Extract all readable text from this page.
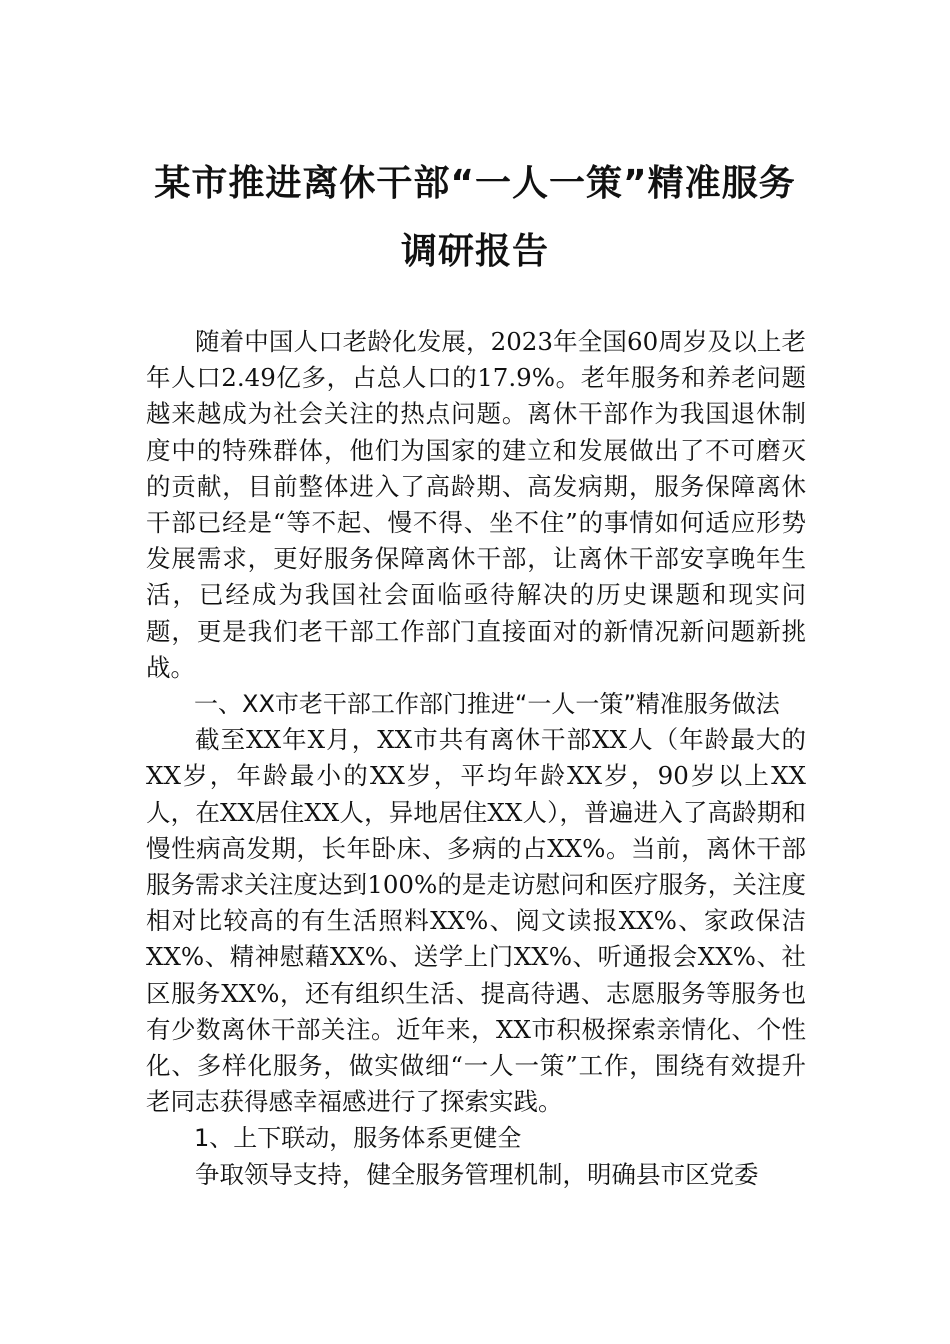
某市推进离休干部“一人一策”精准服务
调研报告

随着中国人口老龄化发展，2023年全国60周岁及以上老年人口2.49亿多，占总人口的17.9%。老年服务和养老问题越来越成为社会关注的热点问题。离休干部作为我国退休制度中的特殊群体，他们为国家的建立和发展做出了不可磨灭的贡献，目前整体进入了高龄期、高发病期，服务保障离休干部已经是“等不起、慢不得、坐不住”的事情如何适应形势发展需求，更好服务保障离休干部，让离休干部安享晚年生活，已经成为我国社会面临亟待解决的历史课题和现实问题，更是我们老干部工作部门直接面对的新情况新问题新挑战。

一、XX市老干部工作部门推进“一人一策”精准服务做法

截至XX年X月，XX市共有离休干部XX人（年龄最大的XX岁，年龄最小的XX岁，平均年龄XX岁，90岁以上XX人，在XX居住XX人，异地居住XX人），普遍进入了高龄期和慢性病高发期，长年卧床、多病的占XX%。当前，离休干部服务需求关注度达到100%的是走访慰问和医疗服务，关注度相对比较高的有生活照料XX%、阅文读报XX%、家政保洁XX%、精神慰藉XX%、送学上门XX%、听通报会XX%、社区服务XX%，还有组织生活、提高待遇、志愿服务等服务也有少数离休干部关注。近年来，XX市积极探索亲情化、个性化、多样化服务，做实做细“一人一策”工作，围绕有效提升老同志获得感幸福感进行了探索实践。

1、上下联动，服务体系更健全

争取领导支持，健全服务管理机制，明确县市区党委
